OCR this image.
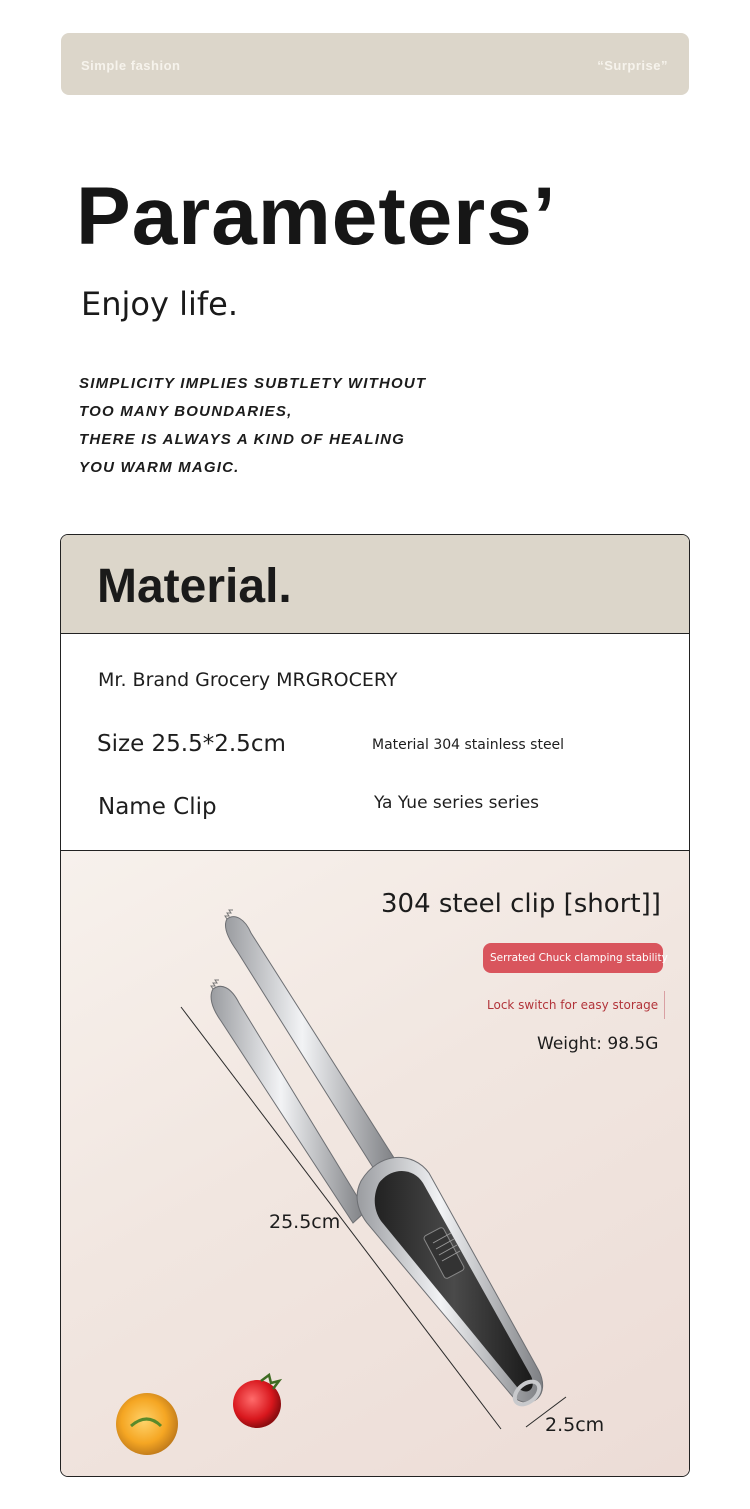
Simple fashion	“Surprise”
Parameters’
Enjoy life.
SIMPLICITY IMPLIES SUBTLETY WITHOUT
TOO MANY BOUNDARIES,
THERE IS ALWAYS A KIND OF HEALING
YOU WARM MAGIC.
Material.
Mr. Brand Grocery MRGROCERY
Size 25.5*2.5cm	Material 304 stainless steel
Name Clip	Ya Yue series series
304 steel clip [short]]
Serrated Chuck clamping stability
Lock switch for easy storage
Weight: 98.5G
25.5cm
2.5cm
